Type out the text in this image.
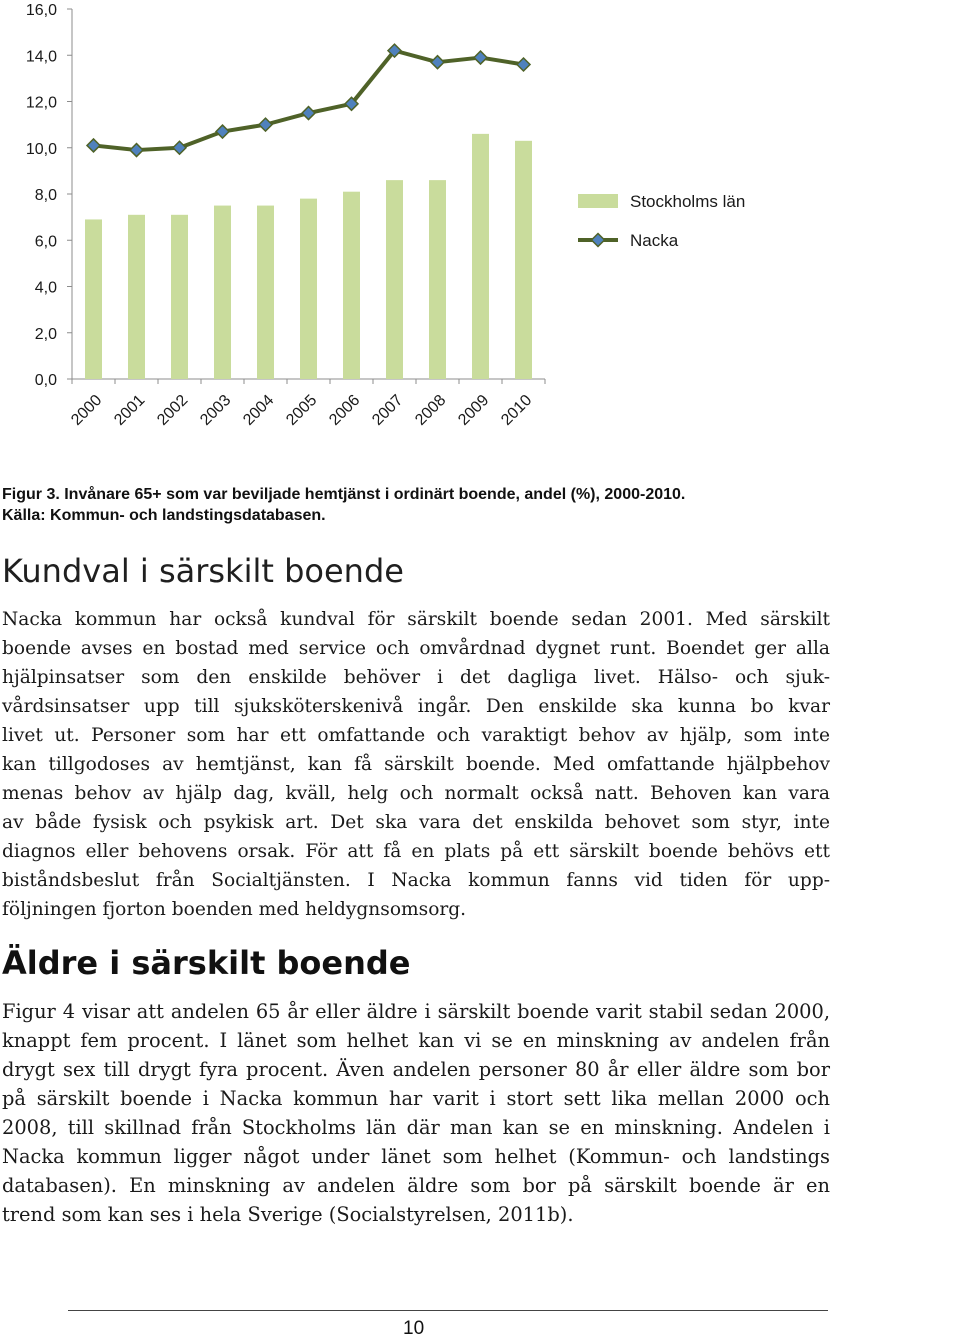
16,0
14,0
12,0
10,0
8,0
6,0
4,0
2,0
0,0
2000 2001 2002 2003 2004 2005 2006 2007 2008 2009 2010
Stockholms län
Nacka
Figur 3. Invånare 65+ som var beviljade hemtjänst i ordinärt boende, andel (%), 2000-2010.
Källa: Kommun- och landstingsdatabasen.
Kundval i särskilt boende
Nacka kommun har också kundval för särskilt boende sedan 2001. Med särskilt
boende avses en bostad med service och omvårdnad dygnet runt. Boendet ger alla
hjälpinsatser som den enskilde behöver i det dagliga livet. Hälso- och sjuk-
vårdsinsatser upp till sjuksköterskenivå ingår. Den enskilde ska kunna bo kvar
livet ut. Personer som har ett omfattande och varaktigt behov av hjälp, som inte
kan tillgodoses av hemtjänst, kan få särskilt boende. Med omfattande hjälpbehov
menas behov av hjälp dag, kväll, helg och normalt också natt. Behoven kan vara
av både fysisk och psykisk art. Det ska vara det enskilda behovet som styr, inte
diagnos eller behovens orsak. För att få en plats på ett särskilt boende behövs ett
biståndsbeslut från Socialtjänsten. I Nacka kommun fanns vid tiden för upp-
följningen fjorton boenden med heldygnsomsorg.
Äldre i särskilt boende
Figur 4 visar att andelen 65 år eller äldre i särskilt boende varit stabil sedan 2000,
knappt fem procent. I länet som helhet kan vi se en minskning av andelen från
drygt sex till drygt fyra procent. Även andelen personer 80 år eller äldre som bor
på särskilt boende i Nacka kommun har varit i stort sett lika mellan 2000 och
2008, till skillnad från Stockholms län där man kan se en minskning. Andelen i
Nacka kommun ligger något under länet som helhet (Kommun- och landstings
databasen). En minskning av andelen äldre som bor på särskilt boende är en
trend som kan ses i hela Sverige (Socialstyrelsen, 2011b).
10
